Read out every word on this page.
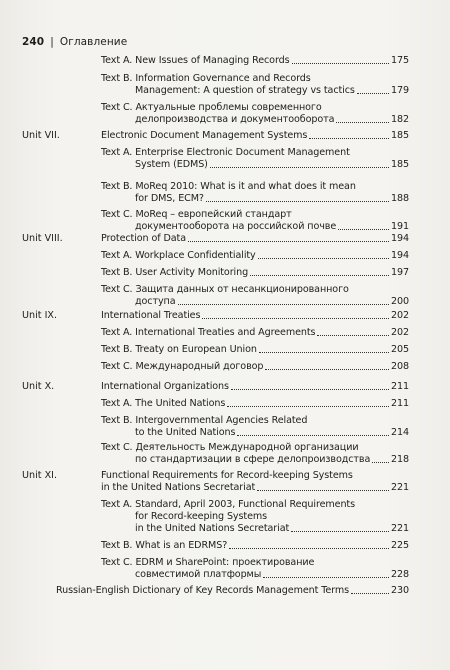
240 | Оглавление
Text A. New Issues of Managing Records	175
Text B. Information Governance and Records
Management: A question of strategy vs tactics	179
Text C. Актуальные проблемы современного
делопроизводства и документооборота	182
Unit VII.	Electronic Document Management Systems	185
Text A. Enterprise Electronic Document Management
System (EDMS)	185
Text B. MoReq 2010: What is it and what does it mean
for DMS, ECM?	188
Text C. MoReq – европейский стандарт
документооборота на российской почве	191
Unit VIII.	Protection of Data	194
Text A. Workplace Confidentiality	194
Text B. User Activity Monitoring	197
Text C. Защита данных от несанкционированного
доступа	200
Unit IX.	International Treaties	202
Text A. International Treaties and Agreements	202
Text B. Treaty on European Union	205
Text C. Международный договор	208
Unit X.	International Organizations	211
Text A. The United Nations	211
Text B. Intergovernmental Agencies Related
to the United Nations	214
Text C. Деятельность Международной организации
по стандартизации в сфере делопроизводства 218
Unit XI.	Functional Requirements for Record-keeping Systems
in the United Nations Secretariat	221
Text A. Standard, April 2003, Functional Requirements
for Record-keeping Systems
in the United Nations Secretariat	221
Text B. What is an EDRMS?	225
Text C. EDRM и SharePoint: проектирование
совместимой платформы	228
Russian-English Dictionary of Key Records Management Terms	230
